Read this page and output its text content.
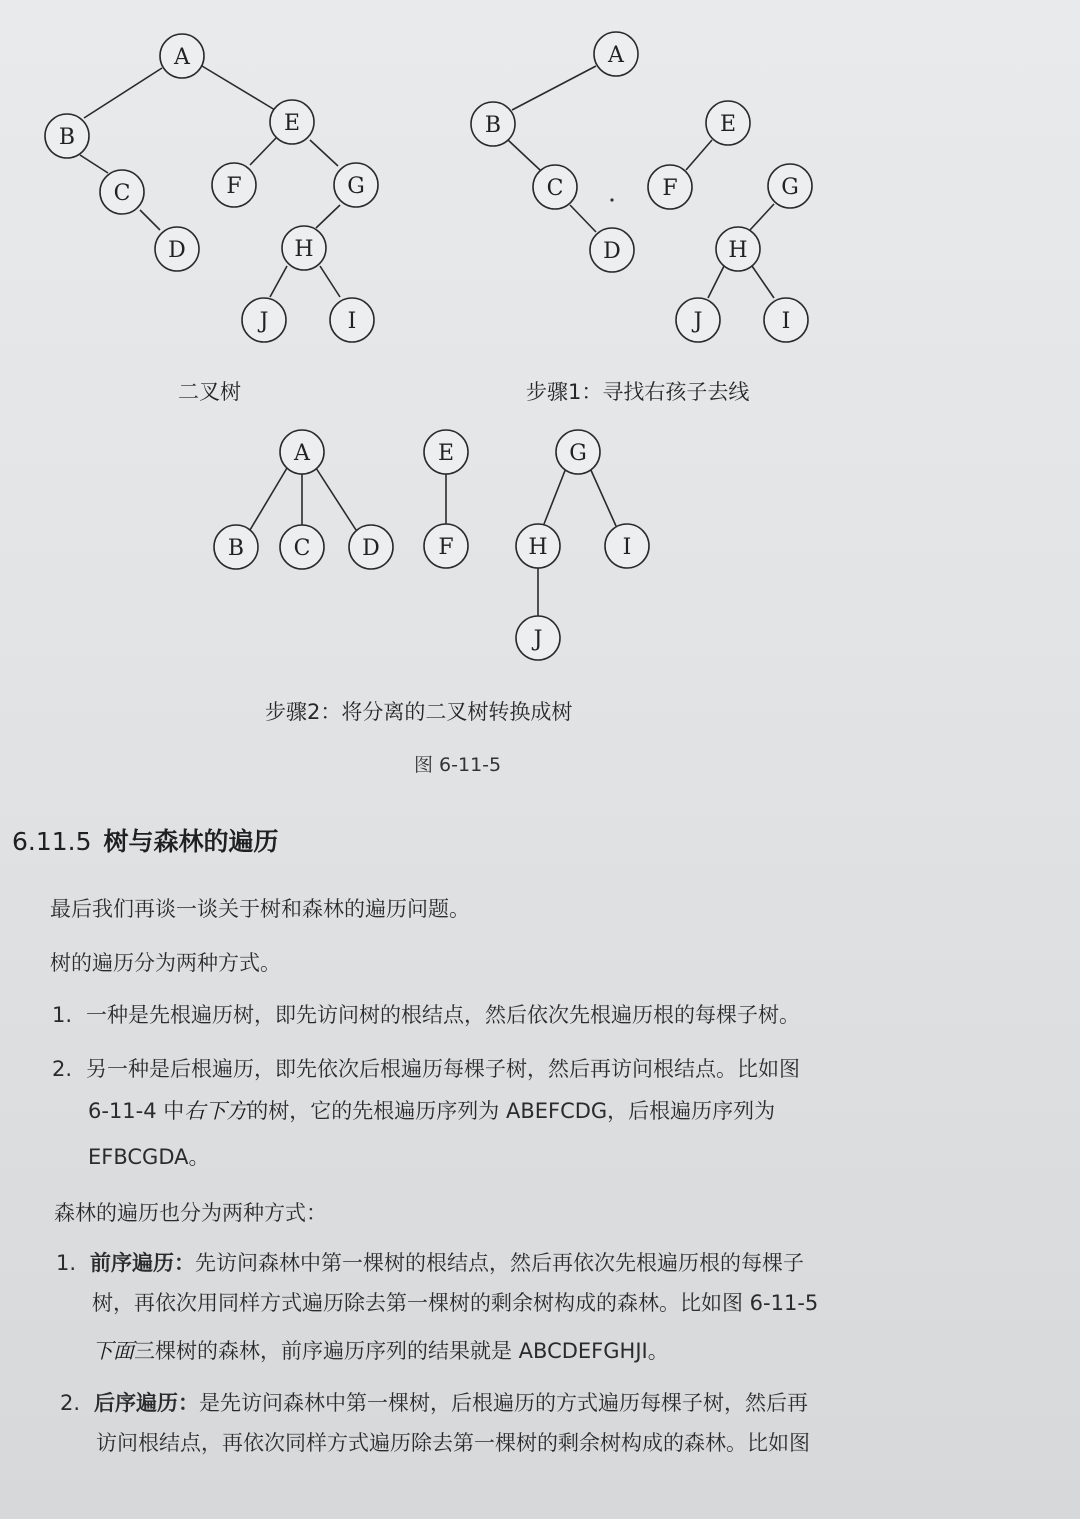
A
B
E
C	F	G
D	H
J	I
A
B	E
C	F	G
D	H
J	I
A
B C D
E
F
G
H	I
J
二叉树	步骤1：寻找右孩子去线
步骤2：将分离的二叉树转换成树
图 6-11-5
6.11.5 树与森林的遍历
最后我们再谈一谈关于树和森林的遍历问题。
树的遍历分为两种方式。
1. 一种是先根遍历树，即先访问树的根结点，然后依次先根遍历根的每棵子树。
2. 另一种是后根遍历，即先依次后根遍历每棵子树，然后再访问根结点。比如图
6-11-4 中右下方的树，它的先根遍历序列为 ABEFCDG，后根遍历序列为
EFBCGDA。
森林的遍历也分为两种方式：
1. 前序遍历：先访问森林中第一棵树的根结点，然后再依次先根遍历根的每棵子
树，再依次用同样方式遍历除去第一棵树的剩余树构成的森林。比如图 6-11-5
下面三棵树的森林，前序遍历序列的结果就是 ABCDEFGHJI。
2. 后序遍历：是先访问森林中第一棵树，后根遍历的方式遍历每棵子树，然后再
访问根结点，再依次同样方式遍历除去第一棵树的剩余树构成的森林。比如图
